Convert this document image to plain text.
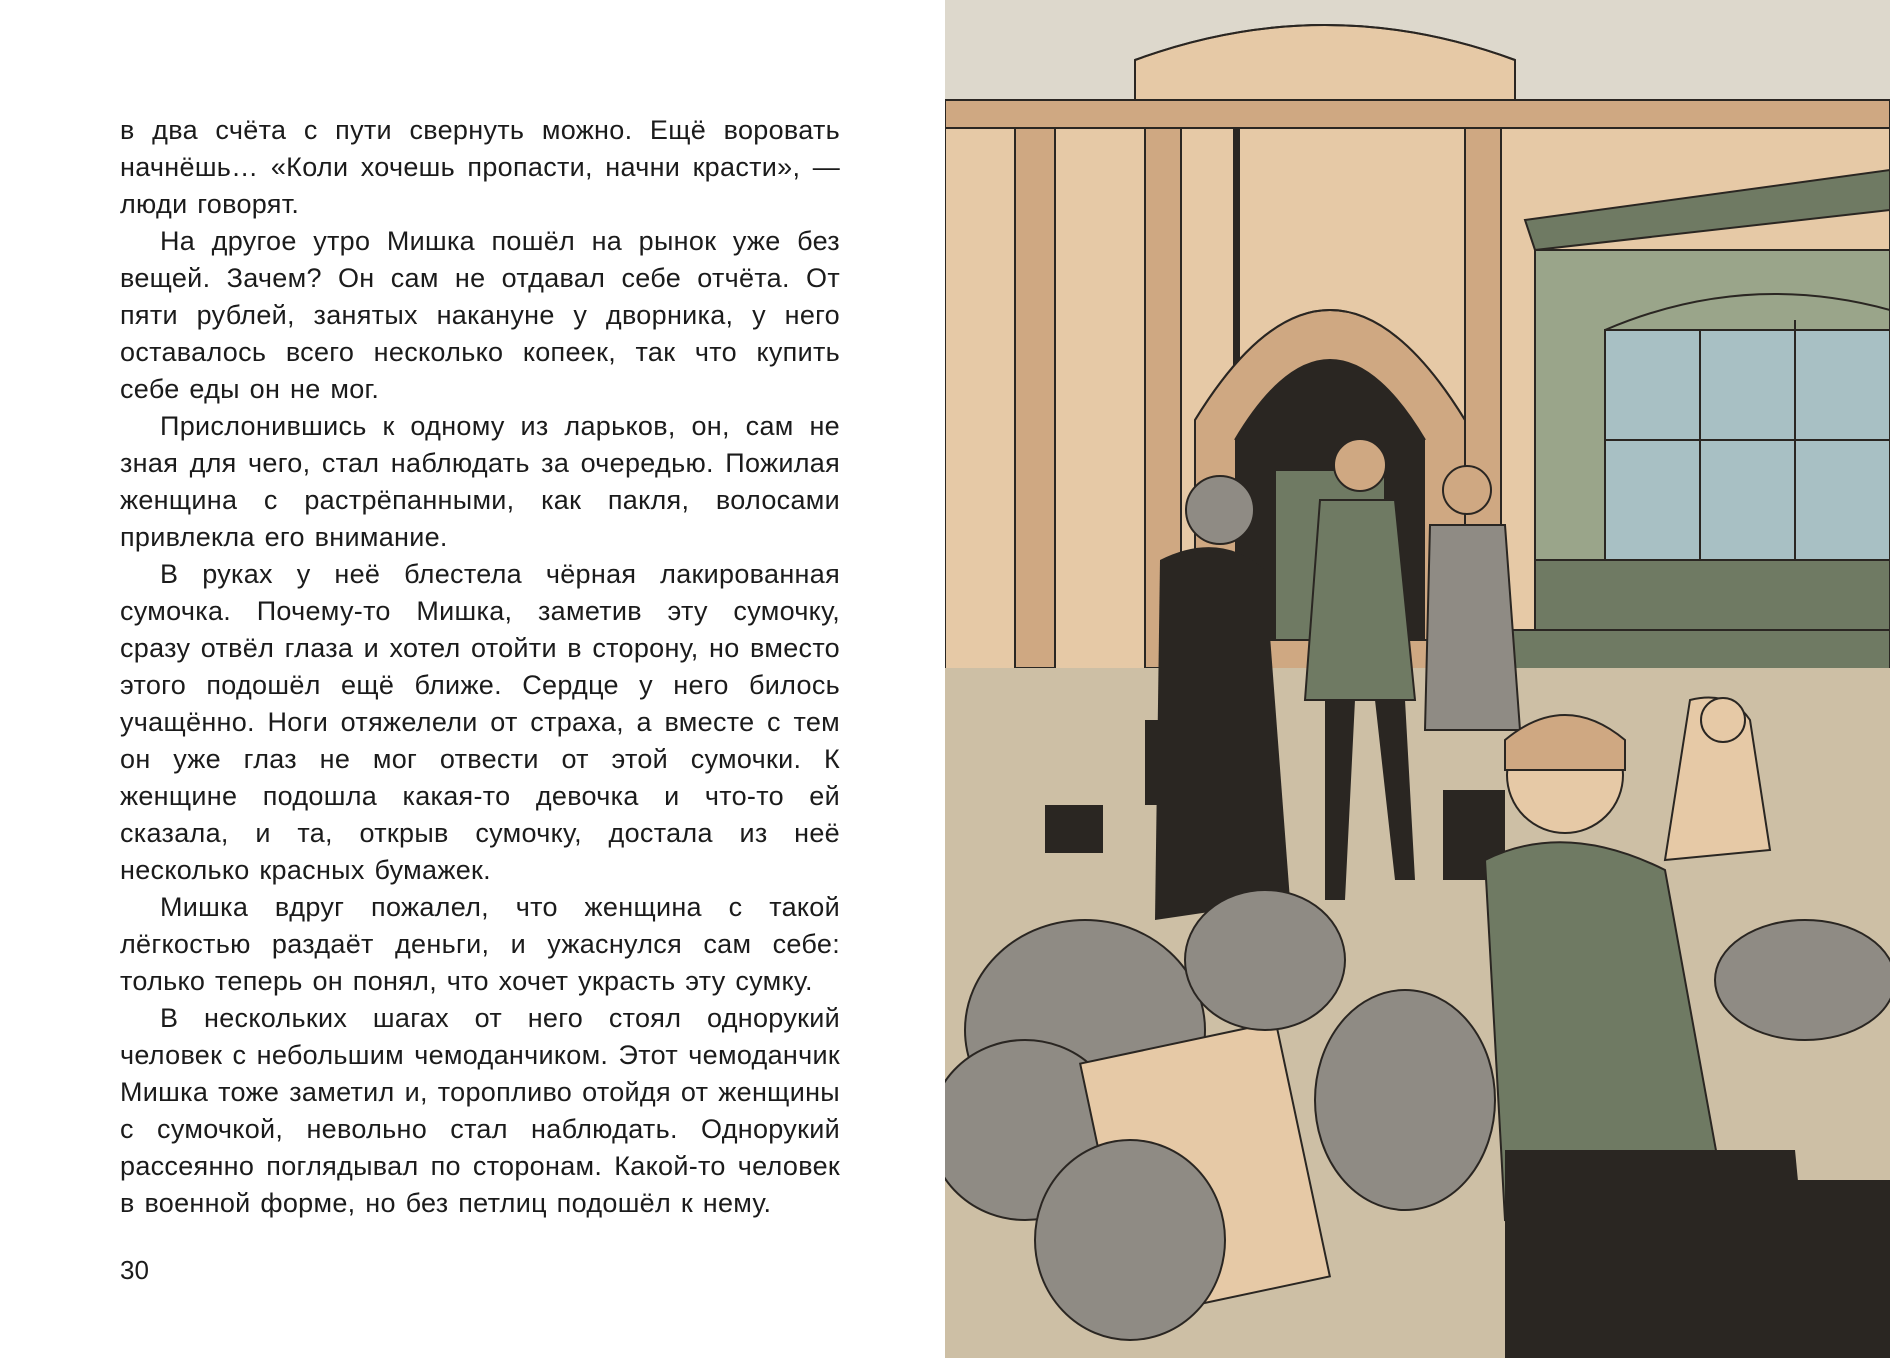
в два счёта с пути свернуть можно. Ещё воровать начнёшь… «Коли хочешь пропасти, начни красти», — люди говорят.

На другое утро Мишка пошёл на рынок уже без вещей. Зачем? Он сам не отдавал себе отчёта. От пяти рублей, занятых накануне у дворника, у него оставалось всего несколько копеек, так что купить себе еды он не мог.

Прислонившись к одному из ларьков, он, сам не зная для чего, стал наблюдать за очередью. Пожилая женщина с растрёпанными, как пакля, волосами привлекла его внимание.

В руках у неё блестела чёрная лакированная сумочка. Почему-то Мишка, заметив эту сумочку, сразу отвёл глаза и хотел отойти в сторону, но вместо этого подошёл ещё ближе. Сердце у него билось учащённо. Ноги отяжелели от страха, а вместе с тем он уже глаз не мог отвести от этой сумочки. К женщине подошла какая-то девочка и что-то ей сказала, и та, открыв сумочку, достала из неё несколько красных бумажек.

Мишка вдруг пожалел, что женщина с такой лёгкостью раздаёт деньги, и ужаснулся сам себе: только теперь он понял, что хочет украсть эту сумку.

В нескольких шагах от него стоял однорукий человек с небольшим чемоданчиком. Этот чемоданчик Мишка тоже заметил и, торопливо отойдя от женщины с сумочкой, невольно стал наблюдать. Однорукий рассеянно поглядывал по сторонам. Какой-то человек в военной форме, но без петлиц подошёл к нему.

30
